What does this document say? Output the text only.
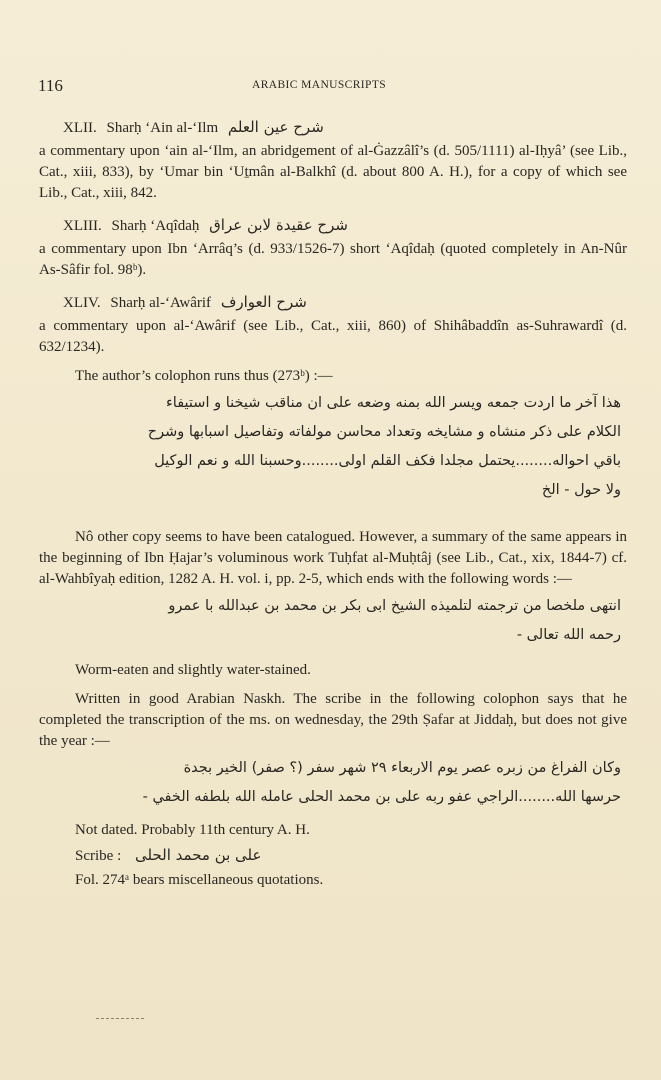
116	ARABIC MANUSCRIPTS
XLII. Sharḥ ‘Ain al-‘Ilm شرح عين العلم
a commentary upon ‘ain al-‘Ilm, an abridgement of al-Ġazzâlî’s (d. 505/1111) al-Iḥyâ’ (see Lib., Cat., xiii, 833), by ‘Umar bin ‘Uṯmân al-Balkhî (d. about 800 A. H.), for a copy of which see Lib., Cat., xiii, 842.
XLIII. Sharḥ ‘Aqîdaḥ شرح عقيدة لابن عراق
a commentary upon Ibn ‘Arrâq’s (d. 933/1526-7) short ‘Aqîdaḥ (quoted completely in An-Nûr As-Sâfir fol. 98ᵇ).
XLIV. Sharḥ al-‘Awârif شرح العوارف
a commentary upon al-‘Awârif (see Lib., Cat., xiii, 860) of Shihâbaddîn as-Suhrawardî (d. 632/1234).
The author’s colophon runs thus (273ᵇ) :—
هذا آخر ما اردت جمعه ويسر الله بمنه وضعه على ان مناقب شيخنا و استيفاء
الكلام على ذكر منشاه و مشايخه وتعداد محاسن مولفاته وتفاصيل اسبابها وشرح
باقي احواله........يحتمل مجلدا فكف القلم اولى........وحسبنا الله و نعم الوكيل
ولا حول - الخ
Nô other copy seems to have been catalogued. However, a summary of the same appears in the beginning of Ibn Ḥajar’s voluminous work Tuḥfat al-Muḥtâj (see Lib., Cat., xix, 1844-7) cf. al-Wahbîyaḥ edition, 1282 A. H. vol. i, pp. 2-5, which ends with the following words :—
انتهى ملخصا من ترجمته لتلميذه الشيخ ابى بكر بن محمد بن عبدالله با عمرو
رحمه الله تعالى -
Worm-eaten and slightly water-stained.
Written in good Arabian Naskh. The scribe in the following colophon says that he completed the transcription of the ms. on wednesday, the 29th Ṣafar at Jiddaḥ, but does not give the year :—
وكان الفراغ من زبره عصر يوم الاربعاء ٢٩ شهر سفر (؟ صفر) الخير بجدة
حرسها الله........الراجي عفو ربه على بن محمد الحلى عامله الله بلطفه الخفي -
Not dated. Probably 11th century A. H.
Scribe : على بن محمد الحلى
Fol. 274ᵃ bears miscellaneous quotations.
